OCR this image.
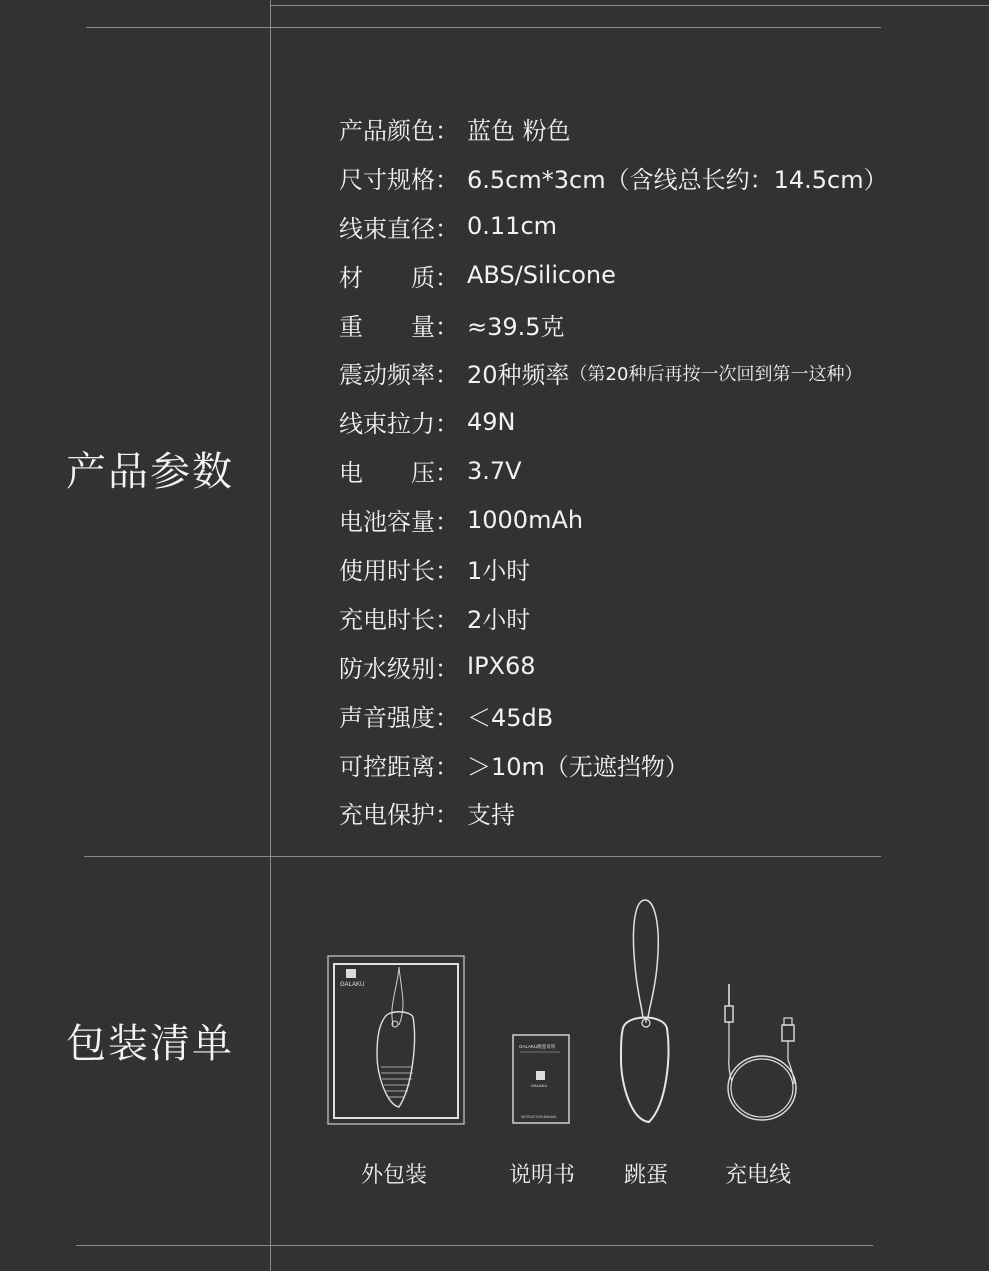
产品参数
包装清单
产品颜色： 蓝色 粉色
尺寸规格： 6.5cm*3cm（含线总长约：14.5cm）
线束直径： 0.11cm
材　　质： ABS/Silicone
重　　量： ≈39.5克
震动频率： 20种频率 （第20种后再按一次回到第一这种）
线束拉力： 49N
电　　压： 3.7V
电池容量： 1000mAh
使用时长： 1小时
充电时长： 2小时
防水级别： IPX68
声音强度： ＜45dB
可控距离： ＞10m（无遮挡物）
充电保护： 支持
GALAKU
GALAKU跳蛋说明
GALAKU
INSTRUCTION MANUAL
外包装	说明书	跳蛋	充电线
